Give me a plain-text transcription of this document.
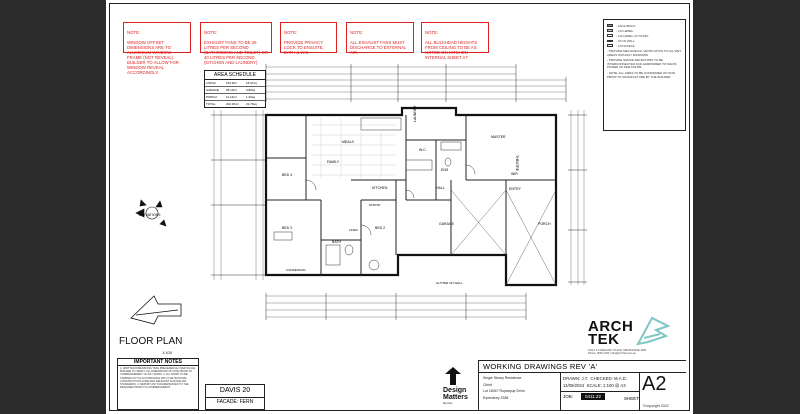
NOTE:

WINDOW OFFSET DIMENSIONS ARE TO ALUMINIUM WINDOW FRAME (NOT REVEAL) BUILDER TO ALLOW FOR WINDOW REVEAL ACCORDINGLY.

NOTE:

EXHAUST FANS TO BE 25 LITRES PER SECOND (BATHROOMS AND TOILET) OR 40 LITRES PER SECOND (KITCHEN AND LAUNDRY)

NOTE:

PROVIDE PRIVACY LOCK TO ENSUITE, BATH & W.C.

NOTE:

ALL EXHAUST FANS MUST DISCHARGE TO EXTERNAL AIR.

NOTE:

ALL BULKHEAD HEIGHTS FROM CEILING TO BE AS NOTED ON KITCHEN INTERNAL SHEET A7

- FACE BRICK
- 110 HEBEL
- 110 HEBEL (SYSTEM)
- STUD WALL
- CONCRETE
- PROVIDE MECHANICAL VENTILATION TO ALL WET AREAS WITHOUT WINDOWS
- PROVIDE SMOKE DETECTORS TO BE INTERCONNECTED AND HARDWIRED TO MAINS POWER AS PER AS3786
- NOTE: ALL SIZES TO BE CONFIRMED ON SITE PRIOR TO MANUFACTURE BY THE BUILDER
AREA SCHEDULE
LIVING	154.9m²	16.67sq
GARAGE	36.13m²	3.89sq
PORCH	11.12m²	1.20sq
TOTAL	202.15m²	21.76sq
MEALS
FAMILY
BED 4
BED 3	BED 2
BATH
KITCHEN
LAUNDRY
W.C.
MASTER
ENS
WIR
THEATRE
PORCH
GARAGE
HALL	ENTRY
PANTRY
LINEN
ELEVATIONS
CONDENSOR
GUTTER ON WALL
FLOOR PLAN
1:100
IMPORTANT NOTES
1. WRITTEN DIMENSIONS TAKE PRECEDENCE OVER SCALE. BUILDER TO VERIFY ALL DIMENSIONS ON SITE PRIOR TO COMMENCEMENT OF ANY WORK. 2. ALL WORK TO BE CARRIED OUT IN ACCORDANCE WITH THE NATIONAL CONSTRUCTION CODE AND RELEVANT AUSTRALIAN STANDARDS. 3. REPORT ANY DISCREPANCIES TO THE DESIGNER PRIOR TO COMMENCEMENT.	DAVIS 20
FACADE: FERN
ARCH
TEK
2/26-1 11 GREGORY PLACE, MELBOURNE 3000
Phone: 9660 2020 | info@archtek.com.au
Design
Matters
Member
WORKING DRAWINGS REV 'A'
Single Storey Residence
Client
Lot 16047 Rupanyup Drive,
Eynesbury 3338
DRAWN: J.T. CHECKED: M.A.D.
11/09/2024 SCALE: 1:100 @ A3
JOB:	0411.22	SHEET:
A2
©copyright 2022
